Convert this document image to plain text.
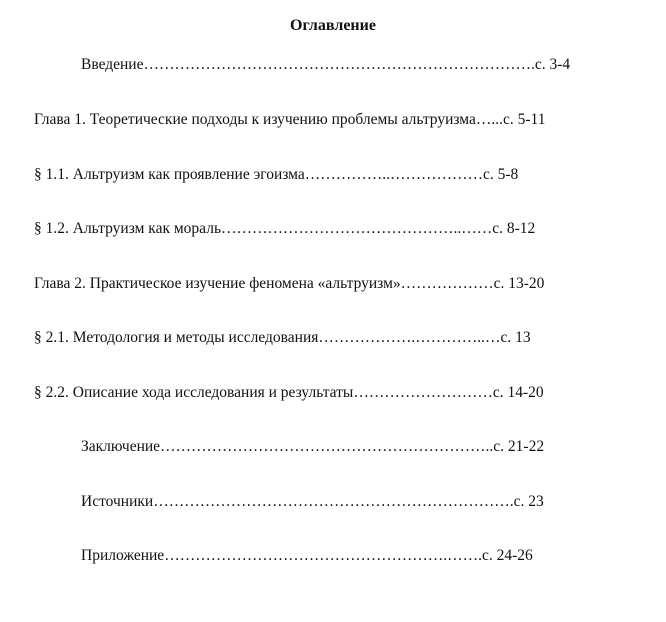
Оглавление

Введение………………………………………………………………….с. 3-4

Глава 1. Теоретические подходы к изучению проблемы альтруизма…...с. 5-11

§ 1.1. Альтруизм как проявление эгоизма……………..………………с. 5-8

§ 1.2. Альтруизм как мораль………………………………………..……с. 8-12

Глава 2. Практическое изучение феномена «альтруизм»………………с. 13-20

§ 2.1. Методология и методы исследования……………….…………..…с. 13

§ 2.2. Описание хода исследования и результаты………………………с. 14-20

Заключение………………………………………………………..с. 21-22

Источники…………………………………………………………….с. 23

Приложение……………………………………………….…….с. 24-26
